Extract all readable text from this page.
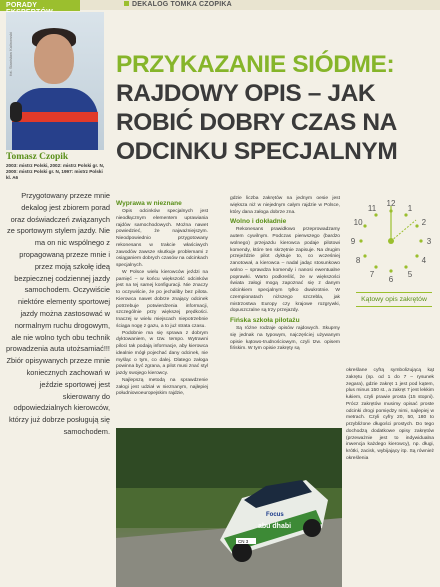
PORADY	DEKALOG TOMKA CZOPIKA
fot. Stanisław Kalinowski
Tomasz Czopik
2003: mistrz Polski, 2002: mistrz Polski gr. N, 2000: mistrz Polski gr. N, 1997: mistrz Polski kl. A6
PRZYKAZANIE SIÓDME:
RAJDOWY OPIS – JAK ROBIĆ DOBRY CZAS NA ODCINKU SPECJALNYM
Przygotowany przeze mnie dekalog jest zbiorem porad oraz doświadczeń związanych ze sportowym stylem jazdy. Nie ma on nic wspólnego z propagowaną przeze mnie i przez moją szkołę ideą bezpiecznej codziennej jazdy samochodem. Oczywiście niektóre elementy sportowej jazdy można zastosować w normalnym ruchu drogowym, ale nie wolno tych obu technik prowadzenia auta utożsamiać!!! Zbiór opisywanych przeze mnie koniecznych zachowań w jeździe sportowej jest skierowany do odpowiedzialnych kierowców, którzy już dobrze posługują się samochodem.
Wyprawa w nieznane

Opis odcinków specjalnych jest nieodłącznym elementem uprawiania rajdów samochodowych. Można nawet powiedzieć, że najważniejszym. Nieodpowiednio przygotowany rekonesans w trakcie właściwych zawodów zawsze skutkuje problemami z osiąganiem dobrych czasów na odcinkach specjalnych.

W Polsce wielu kierowców jeździ na pamięć – w końcu większość odcinków jest na tej samej konfiguracji. Nie znaczy to oczywiście, że po jechaliby bez pilota. Kierowca nawet dobrze znający odcinek potrzebuje potwierdzenia informacji, szczególnie przy większej prędkości. Inaczej w wielu miejscach niepotrzebnie ściąga nogę z gazu, a to już strata czasu.

Podobnie ma się sprawa z dobrym dyktowaniem, w tzw. tempo. Wytrawni piloci tak podają informacje, aby kierowca idealnie mógł pojechać dany odcinek, nie myśląc o tym, co dalej. Dlatego załoga powinna być zgrana, a pilot musi znać styl jazdy swojego kierowcy.

Najlepszą metodą na sprawdzenie załogi jest udział w nieznanym, najlepiej południowoeuropejskim rajdzie,

gdzie liczba zakrętów na jednym oesie jest większa niż w niejednym całym rajdzie w Polsce, który dana załoga dobrze zna.

Wolno i dokładnie

Rekonesans prawidłowo przeprowadzamy autem cywilnym. Podczas pierwszego (bardzo wolnego) przejazdu kierowca podaje pilotowi komendy, które ten skrzętnie zapisuje. Na drugim przejeździe pilot dyktuje to, co wcześniej zanotował, a kierowca – nadal jadąc stosunkowo wolno – sprawdza komendy i nanosi ewentualne poprawki. Warto podkreślić, że w większości świata załogi mogą zapoznać się z danym odcinkiem specjalnym tylko dwukrotnie. W czempionatach niższego szczebla, jak mistrzostwa Europy czy krajowe rozgrywki, dopuszczalne są trzy przejazdy.

Fińska szkoła pilotażu

Są różne rodzaje opisów rajdowych. Skupmy się jednak na typowym, najczęściej używanym opisie kątowo-trudnościowym, czyli tzw. opisem fińskim. W tym opisie zakręty są

12
1
2
3
4
5
6
7
8
9
10
11
Kątowy opis zakrętów

określane cyfrą symbolizującą kąt zakrętu (np. od 1 do 7 – rysunek zegara), gdzie zakręt 1 jest pod kątem, plus minus 150 st., a zakręt 7 jest lekkim łukiem, czyli prawie prosta (15 stopni). Prócz zakrętów musimy opisać proste odcinki drogi pomiędzy nimi, najlepiej w metrach. Czyli cyfry 20, 50, 180 to przybliżone długości prostych. Do tego dochodzą dodatkowe opisy zakrętów (przeważnie jest to indywidualna inwencja każdego kierowcy), np. długi, krótki, zacisk, wybijający itp. Są również określenia

abu dhabi
Focus
CN 3
